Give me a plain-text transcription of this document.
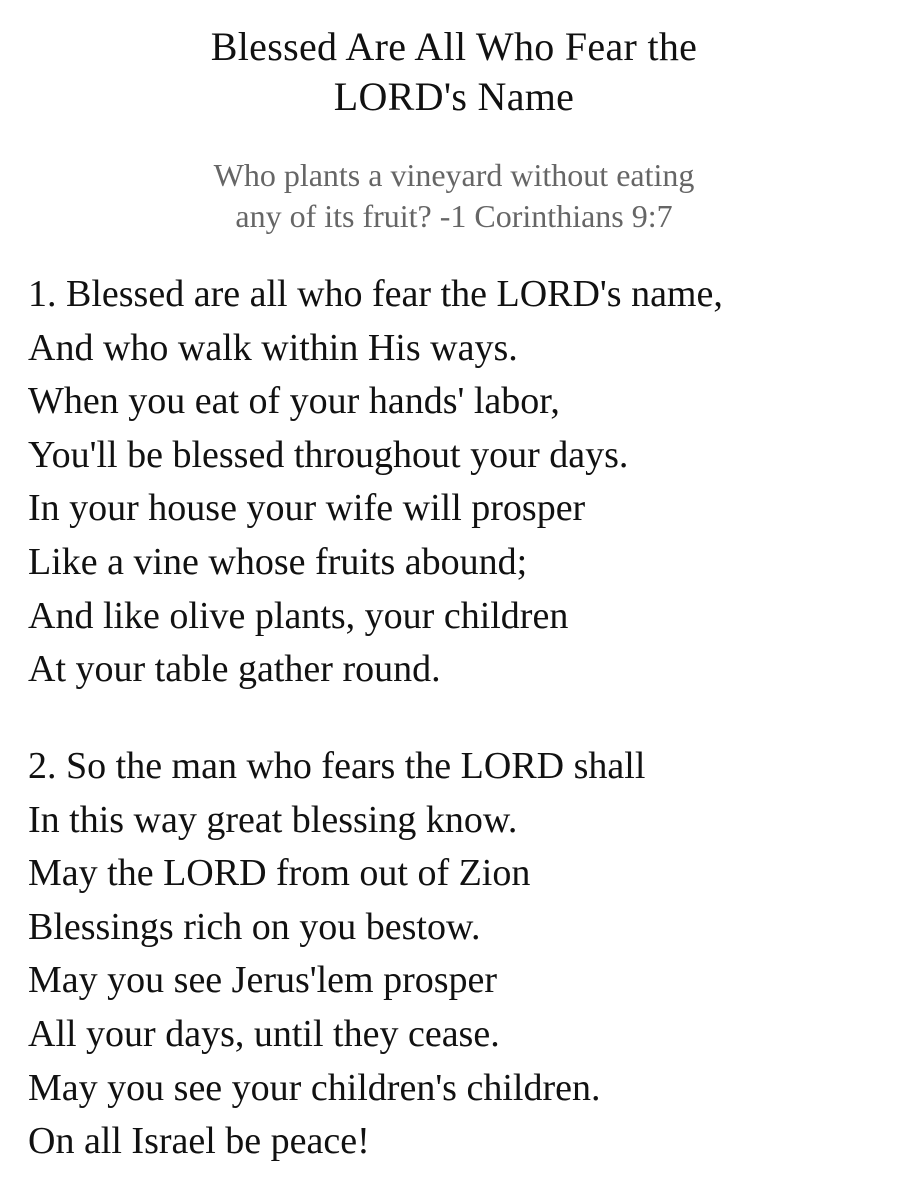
Blessed Are All Who Fear the
LORD's Name
Who plants a vineyard without eating
any of its fruit? -1 Corinthians 9:7
1. Blessed are all who fear the LORD's name,
And who walk within His ways.
When you eat of your hands' labor,
You'll be blessed throughout your days.
In your house your wife will prosper
Like a vine whose fruits abound;
And like olive plants, your children
At your table gather round.
2. So the man who fears the LORD shall
In this way great blessing know.
May the LORD from out of Zion
Blessings rich on you bestow.
May you see Jerus'lem prosper
All your days, until they cease.
May you see your children's children.
On all Israel be peace!
